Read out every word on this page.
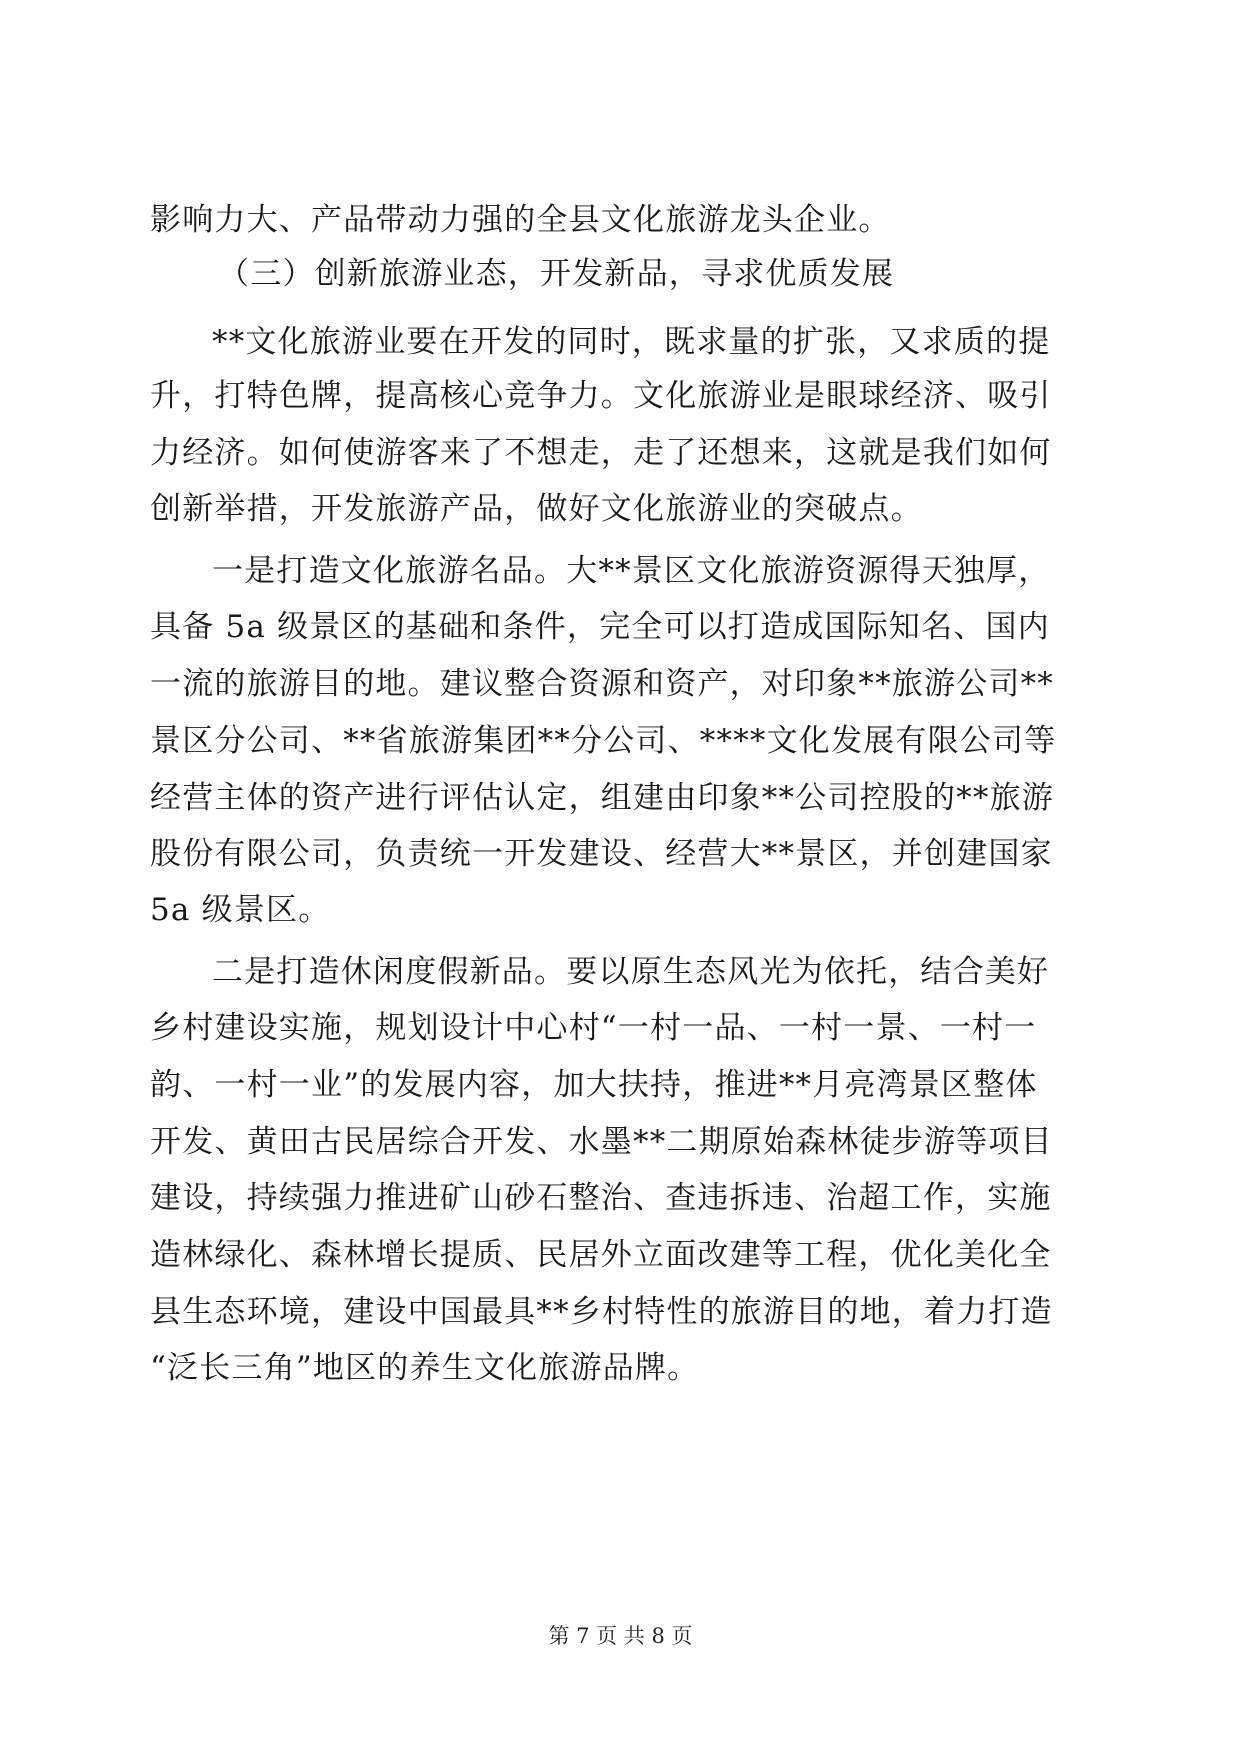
影响力大、产品带动力强的全县文化旅游龙头企业。
（三）创新旅游业态，开发新品，寻求优质发展
**文化旅游业要在开发的同时，既求量的扩张，又求质的提
升，打特色牌，提高核心竞争力。文化旅游业是眼球经济、吸引
力经济。如何使游客来了不想走，走了还想来，这就是我们如何
创新举措，开发旅游产品，做好文化旅游业的突破点。
一是打造文化旅游名品。大**景区文化旅游资源得天独厚，
具备 5a 级景区的基础和条件，完全可以打造成国际知名、国内
一流的旅游目的地。建议整合资源和资产，对印象**旅游公司**
景区分公司、**省旅游集团**分公司、****文化发展有限公司等
经营主体的资产进行评估认定，组建由印象**公司控股的**旅游
股份有限公司，负责统一开发建设、经营大**景区，并创建国家
5a 级景区。
二是打造休闲度假新品。要以原生态风光为依托，结合美好
乡村建设实施，规划设计中心村“一村一品、一村一景、一村一
韵、一村一业”的发展内容，加大扶持，推进**月亮湾景区整体
开发、黄田古民居综合开发、水墨**二期原始森林徒步游等项目
建设，持续强力推进矿山砂石整治、查违拆违、治超工作，实施
造林绿化、森林增长提质、民居外立面改建等工程，优化美化全
县生态环境，建设中国最具**乡村特性的旅游目的地，着力打造
“泛长三角”地区的养生文化旅游品牌。
第 7 页 共 8 页
